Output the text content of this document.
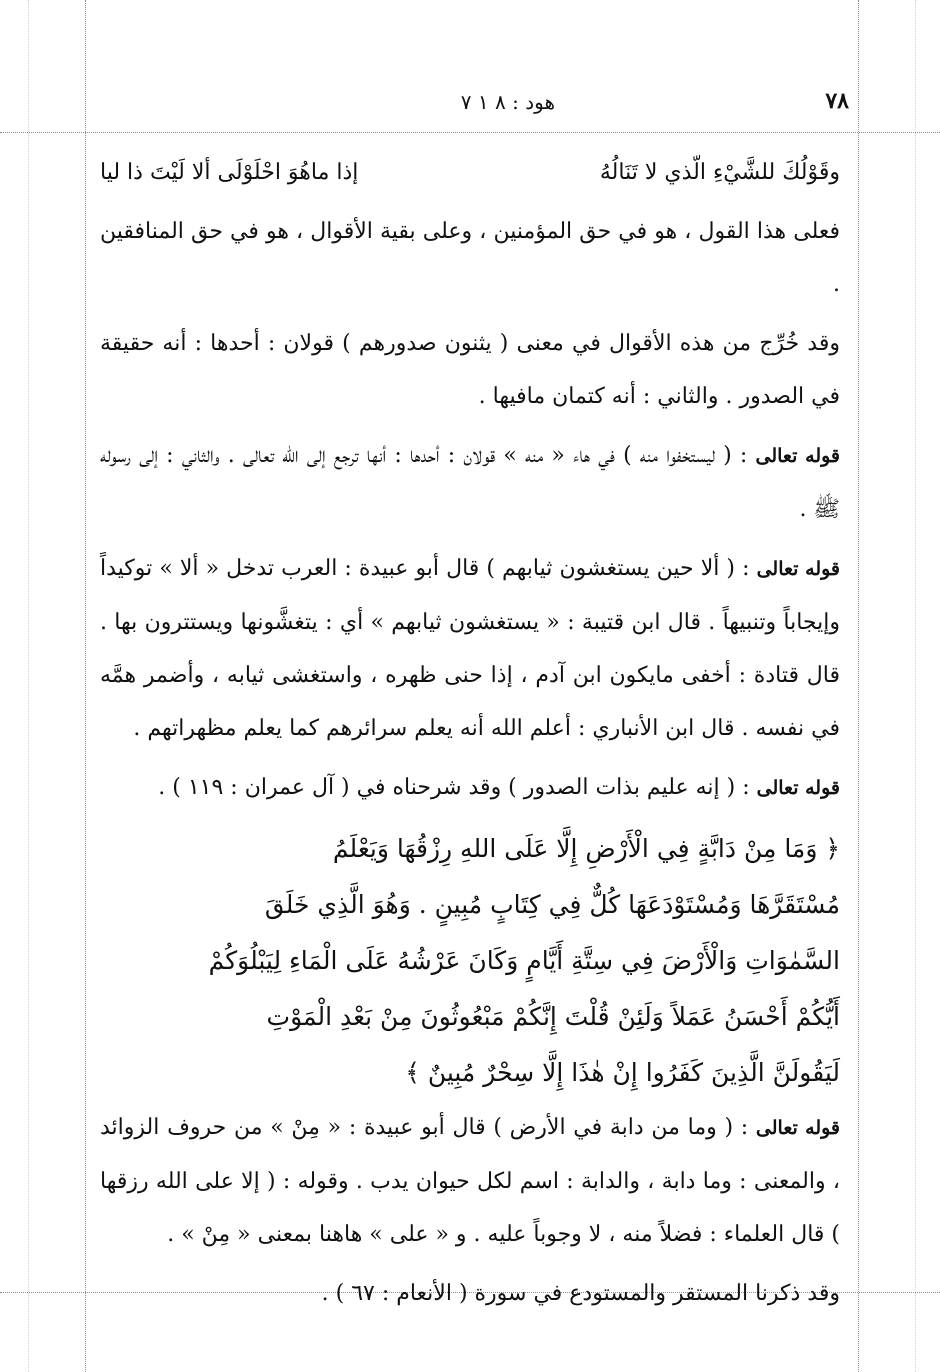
٧٨
هود : ٨ ١ ٧

وقَوْلُكَ للشَّيْءِ الّذي لا تَنَالُهُ
إذا ماهُوَ احْلَوْلَى ألا لَيْتَ ذا ليا

فعلى هذا القول ، هو في حق المؤمنين ، وعلى بقية الأقوال ، هو في حق المنافقين .

وقد خُرِّج من هذه الأقوال في معنى ( يثنون صدورهم ) قولان : أحدها : أنه حقيقة في الصدور . والثاني : أنه كتمان مافيها .

قوله تعالى : ( ليستخفوا منه ) في هاء « منه » قولان : أحدها : أنها ترجع إلى الله تعالى . والثاني : إلى رسوله ﷺ .

قوله تعالى : ( ألا حين يستغشون ثيابهم ) قال أبو عبيدة : العرب تدخل « ألا » توكيداً وإيجاباً وتنبيهاً . قال ابن قتيبة : « يستغشون ثيابهم » أي : يتغشَّونها ويستترون بها . قال قتادة : أخفى مايكون ابن آدم ، إذا حنى ظهره ، واستغشى ثيابه ، وأضمر همَّه في نفسه . قال ابن الأنباري : أعلم الله أنه يعلم سرائرهم كما يعلم مظهراتهم .

قوله تعالى : ( إنه عليم بذات الصدور ) وقد شرحناه في ( آل عمران : ١١٩ ) .

﴿ وَمَا مِنْ دَابَّةٍ فِي الْأَرْضِ إِلَّا عَلَى اللهِ رِزْقُهَا وَيَعْلَمُ

مُسْتَقَرَّهَا وَمُسْتَوْدَعَهَا كُلٌّ فِي كِتَابٍ مُبِينٍ . وَهُوَ الَّذِي خَلَقَ

السَّمٰوَاتِ وَالْأَرْضَ فِي سِتَّةِ أَيَّامٍ وَكَانَ عَرْشُهُ عَلَى الْمَاءِ لِيَبْلُوَكُمْ

أَيُّكُمْ أَحْسَنُ عَمَلاً وَلَئِنْ قُلْتَ إِنَّكُمْ مَبْعُوثُونَ مِنْ بَعْدِ الْمَوْتِ

لَيَقُولَنَّ الَّذِينَ كَفَرُوا إِنْ هٰذَا إِلَّا سِحْرٌ مُبِينٌ ﴾

قوله تعالى : ( وما من دابة في الأرض ) قال أبو عبيدة : « مِنْ » من حروف الزوائد ، والمعنى : وما دابة ، والدابة : اسم لكل حيوان يدب . وقوله : ( إلا على الله رزقها ) قال العلماء : فضلاً منه ، لا وجوباً عليه . و « على » هاهنا بمعنى « مِنْ » .

وقد ذكرنا المستقر والمستودع في سورة ( الأنعام : ٦٧ ) .
